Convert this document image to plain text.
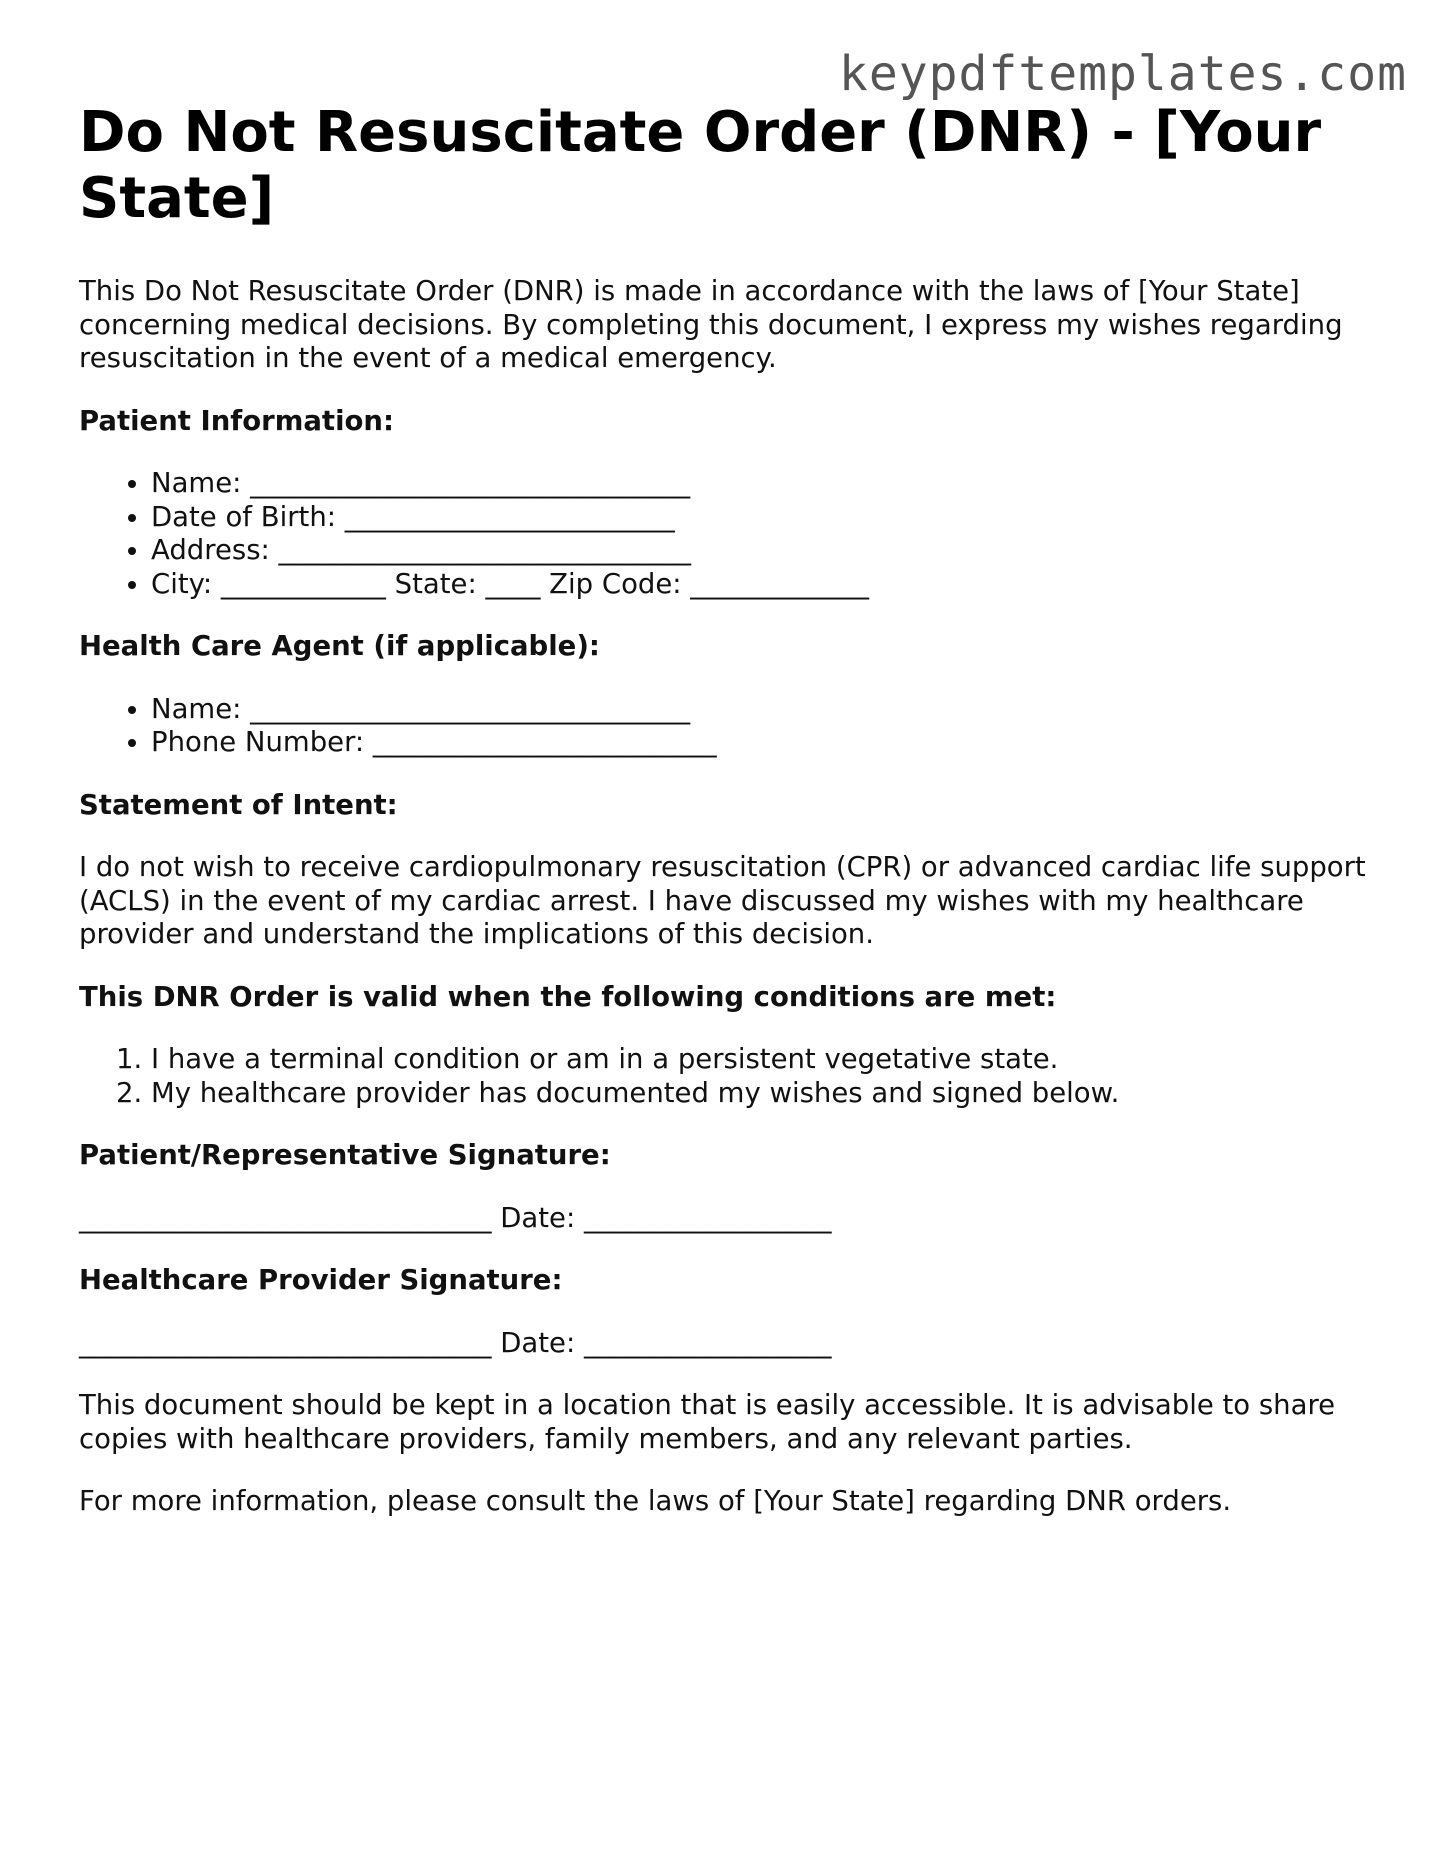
keypdftemplates.com
Do Not Resuscitate Order (DNR) - [Your State]

This Do Not Resuscitate Order (DNR) is made in accordance with the laws of [Your State] concerning medical decisions. By completing this document, I express my wishes regarding resuscitation in the event of a medical emergency.

Patient Information:

• Name: ________________________________
• Date of Birth: ________________________
• Address: ______________________________
• City: ____________ State: ____ Zip Code: _____________

Health Care Agent (if applicable):

• Name: ________________________________
• Phone Number: _________________________

Statement of Intent:

I do not wish to receive cardiopulmonary resuscitation (CPR) or advanced cardiac life support (ACLS) in the event of my cardiac arrest. I have discussed my wishes with my healthcare provider and understand the implications of this decision.

This DNR Order is valid when the following conditions are met:

1. I have a terminal condition or am in a persistent vegetative state.
2. My healthcare provider has documented my wishes and signed below.

Patient/Representative Signature:

______________________________ Date: __________________

Healthcare Provider Signature:

______________________________ Date: __________________

This document should be kept in a location that is easily accessible. It is advisable to share copies with healthcare providers, family members, and any relevant parties.

For more information, please consult the laws of [Your State] regarding DNR orders.
